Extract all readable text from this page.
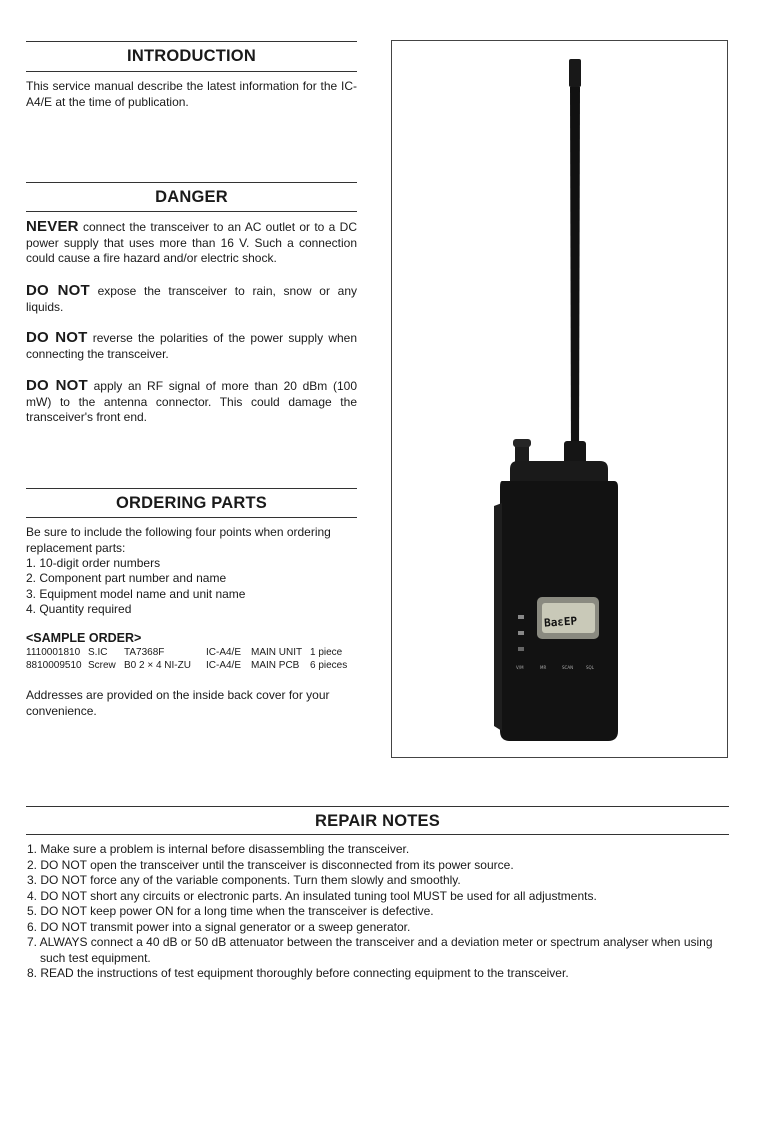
INTRODUCTION
This service manual describe the latest information for the IC-A4/E at the time of publication.
DANGER
NEVER connect the transceiver to an AC outlet or to a DC power supply that uses more than 16 V. Such a connection could cause a fire hazard and/or electric shock.
DO NOT expose the transceiver to rain, snow or any liquids.
DO NOT reverse the polarities of the power supply when connecting the transceiver.
DO NOT apply an RF signal of more than 20 dBm (100 mW) to the antenna connector. This could damage the transceiver's front end.
ORDERING PARTS
Be sure to include the following four points when ordering replacement parts:
1. 10-digit order numbers
2. Component part number and name
3. Equipment model name and unit name
4. Quantity required
<SAMPLE ORDER>
1110001810 S.IC TA7368F	IC-A4/E MAIN UNIT 1 piece
8810009510 Screw B0 2 × 4 NI-ZU IC-A4/E MAIN PCB 6 pieces
Addresses are provided on the inside back cover for your convenience.
BaɛEP
V/M	MR	SCAN	SQL
REPAIR NOTES
1. Make sure a problem is internal before disassembling the transceiver.
2. DO NOT open the transceiver until the transceiver is disconnected from its power source.
3. DO NOT force any of the variable components. Turn them slowly and smoothly.
4. DO NOT short any circuits or electronic parts. An insulated tuning tool MUST be used for all adjustments.
5. DO NOT keep power ON for a long time when the transceiver is defective.
6. DO NOT transmit power into a signal generator or a sweep generator.
7. ALWAYS connect a 40 dB or 50 dB attenuator between the transceiver and a deviation meter or spectrum analyser when using such test equipment.
8. READ the instructions of test equipment thoroughly before connecting equipment to the transceiver.
